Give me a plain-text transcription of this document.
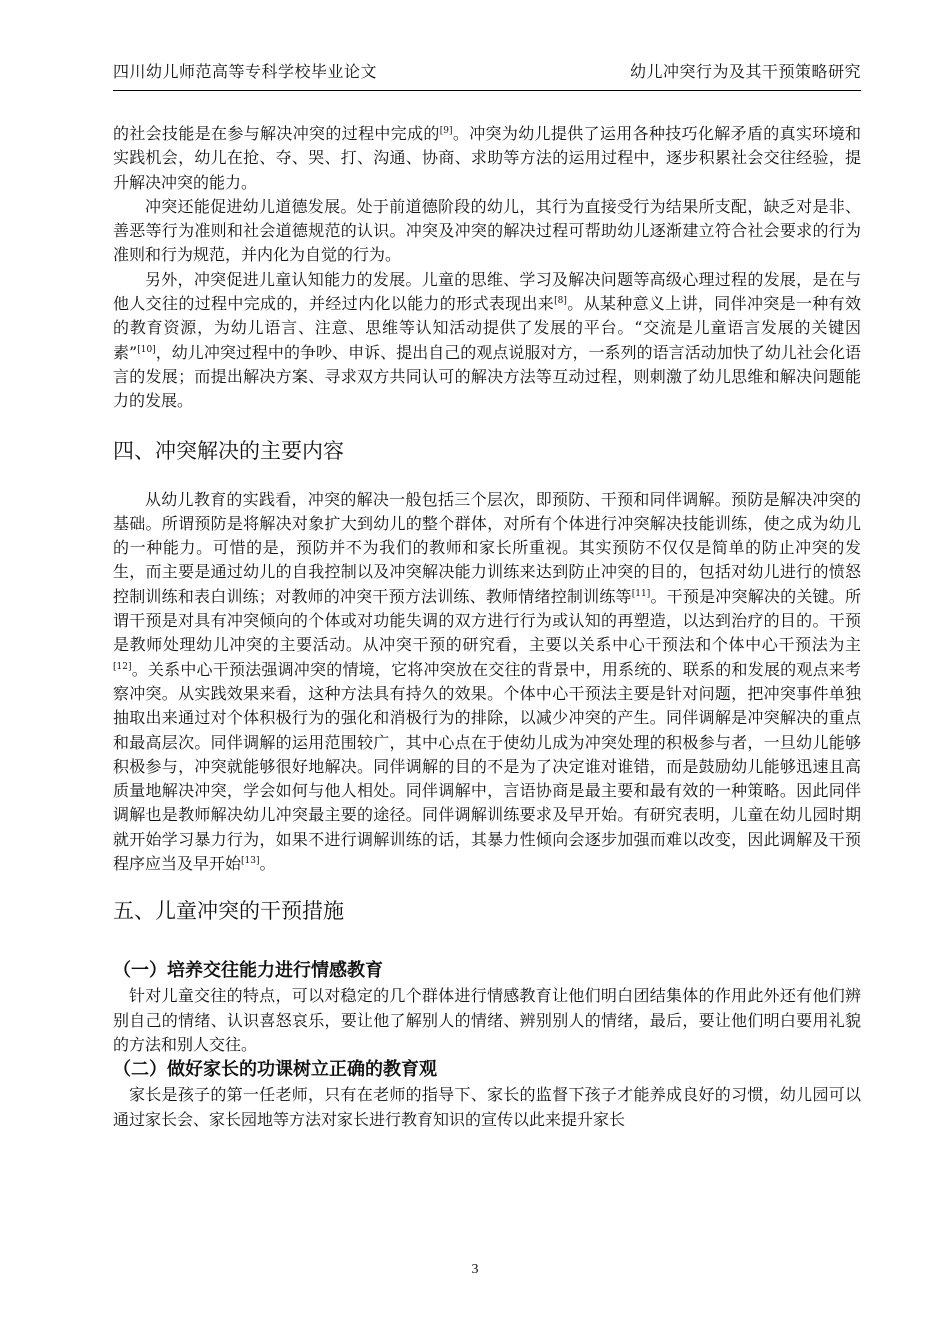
四川幼儿师范高等专科学校毕业论文	幼儿冲突行为及其干预策略研究

的社会技能是在参与解决冲突的过程中完成的[9]。冲突为幼儿提供了运用各种技巧化解矛盾的真实环境和实践机会，幼儿在抢、夺、哭、打、沟通、协商、求助等方法的运用过程中，逐步积累社会交往经验，提升解决冲突的能力。

冲突还能促进幼儿道德发展。处于前道德阶段的幼儿，其行为直接受行为结果所支配，缺乏对是非、善恶等行为准则和社会道德规范的认识。冲突及冲突的解决过程可帮助幼儿逐渐建立符合社会要求的行为准则和行为规范，并内化为自觉的行为。

另外，冲突促进儿童认知能力的发展。儿童的思维、学习及解决问题等高级心理过程的发展，是在与他人交往的过程中完成的，并经过内化以能力的形式表现出来[8]。从某种意义上讲，同伴冲突是一种有效的教育资源，为幼儿语言、注意、思维等认知活动提供了发展的平台。“交流是儿童语言发展的关键因素”[10]，幼儿冲突过程中的争吵、申诉、提出自己的观点说服对方，一系列的语言活动加快了幼儿社会化语言的发展；而提出解决方案、寻求双方共同认可的解决方法等互动过程，则刺激了幼儿思维和解决问题能力的发展。

四、冲突解决的主要内容

从幼儿教育的实践看，冲突的解决一般包括三个层次，即预防、干预和同伴调解。预防是解决冲突的基础。所谓预防是将解决对象扩大到幼儿的整个群体，对所有个体进行冲突解决技能训练，使之成为幼儿的一种能力。可惜的是，预防并不为我们的教师和家长所重视。其实预防不仅仅是简单的防止冲突的发生，而主要是通过幼儿的自我控制以及冲突解决能力训练来达到防止冲突的目的，包括对幼儿进行的愤怒控制训练和表白训练；对教师的冲突干预方法训练、教师情绪控制训练等[11]。干预是冲突解决的关键。所谓干预是对具有冲突倾向的个体或对功能失调的双方进行行为或认知的再塑造，以达到治疗的目的。干预是教师处理幼儿冲突的主要活动。从冲突干预的研究看，主要以关系中心干预法和个体中心干预法为主[12]。关系中心干预法强调冲突的情境，它将冲突放在交往的背景中，用系统的、联系的和发展的观点来考察冲突。从实践效果来看，这种方法具有持久的效果。个体中心干预法主要是针对问题，把冲突事件单独抽取出来通过对个体积极行为的强化和消极行为的排除，以减少冲突的产生。同伴调解是冲突解决的重点和最高层次。同伴调解的运用范围较广，其中心点在于使幼儿成为冲突处理的积极参与者，一旦幼儿能够积极参与，冲突就能够很好地解决。同伴调解的目的不是为了决定谁对谁错，而是鼓励幼儿能够迅速且高质量地解决冲突，学会如何与他人相处。同伴调解中，言语协商是最主要和最有效的一种策略。因此同伴调解也是教师解决幼儿冲突最主要的途径。同伴调解训练要求及早开始。有研究表明，儿童在幼儿园时期就开始学习暴力行为，如果不进行调解训练的话，其暴力性倾向会逐步加强而难以改变，因此调解及干预程序应当及早开始[13]。

五、儿童冲突的干预措施
（一）培养交往能力进行情感教育

针对儿童交往的特点，可以对稳定的几个群体进行情感教育让他们明白团结集体的作用此外还有他们辨别自己的情绪、认识喜怒哀乐，要让他了解别人的情绪、辨别别人的情绪，最后，要让他们明白要用礼貌的方法和别人交往。

（二）做好家长的功课树立正确的教育观

家长是孩子的第一任老师，只有在老师的指导下、家长的监督下孩子才能养成良好的习惯，幼儿园可以通过家长会、家长园地等方法对家长进行教育知识的宣传以此来提升家长

3
